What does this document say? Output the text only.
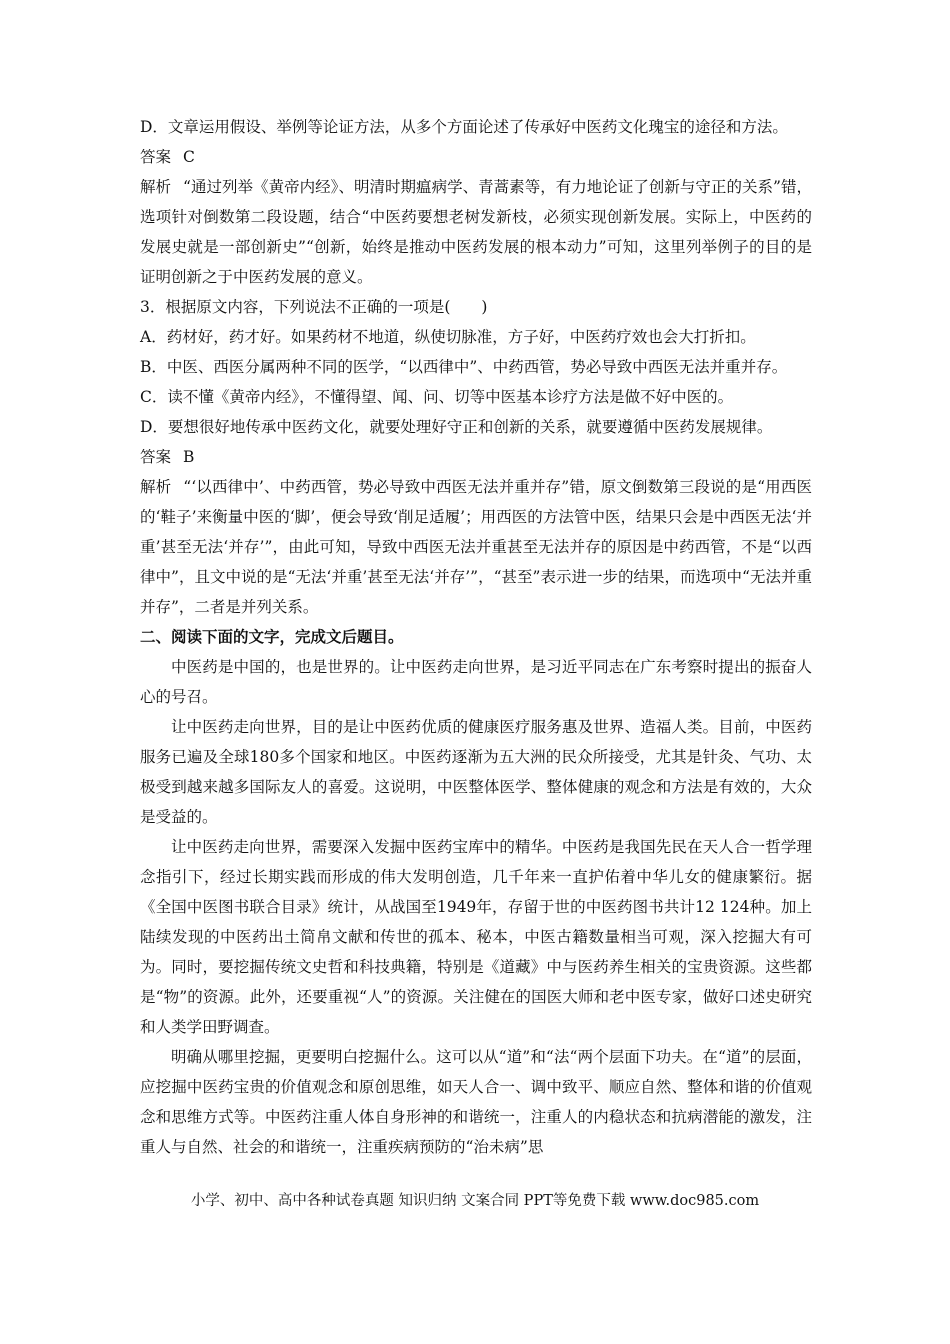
D．文章运用假设、举例等论证方法，从多个方面论述了传承好中医药文化瑰宝的途径和方法。

答案 C

解析 “通过列举《黄帝内经》、明清时期瘟病学、青蒿素等，有力地论证了创新与守正的关系”错，选项针对倒数第二段设题，结合“中医药要想老树发新枝，必须实现创新发展。实际上，中医药的发展史就是一部创新史”“创新，始终是推动中医药发展的根本动力”可知，这里列举例子的目的是证明创新之于中医药发展的意义。

3．根据原文内容，下列说法不正确的一项是(　　)

A．药材好，药才好。如果药材不地道，纵使切脉准，方子好，中医药疗效也会大打折扣。

B．中医、西医分属两种不同的医学，“以西律中”、中药西管，势必导致中西医无法并重并存。

C．读不懂《黄帝内经》，不懂得望、闻、问、切等中医基本诊疗方法是做不好中医的。

D．要想很好地传承中医药文化，就要处理好守正和创新的关系，就要遵循中医药发展规律。

答案 B

解析 “‘以西律中’、中药西管，势必导致中西医无法并重并存”错，原文倒数第三段说的是“用西医的‘鞋子’来衡量中医的‘脚’，便会导致‘削足适履’；用西医的方法管中医，结果只会是中西医无法‘并重’甚至无法‘并存’”，由此可知，导致中西医无法并重甚至无法并存的原因是中药西管，不是“以西律中”，且文中说的是“无法‘并重’甚至无法‘并存’”，“甚至”表示进一步的结果，而选项中“无法并重并存”，二者是并列关系。

二、阅读下面的文字，完成文后题目。

中医药是中国的，也是世界的。让中医药走向世界，是习近平同志在广东考察时提出的振奋人心的号召。

让中医药走向世界，目的是让中医药优质的健康医疗服务惠及世界、造福人类。目前，中医药服务已遍及全球180多个国家和地区。中医药逐渐为五大洲的民众所接受，尤其是针灸、气功、太极受到越来越多国际友人的喜爱。这说明，中医整体医学、整体健康的观念和方法是有效的，大众是受益的。

让中医药走向世界，需要深入发掘中医药宝库中的精华。中医药是我国先民在天人合一哲学理念指引下，经过长期实践而形成的伟大发明创造，几千年来一直护佑着中华儿女的健康繁衍。据《全国中医图书联合目录》统计，从战国至1949年，存留于世的中医药图书共计12 124种。加上陆续发现的中医药出土简帛文献和传世的孤本、秘本，中医古籍数量相当可观，深入挖掘大有可为。同时，要挖掘传统文史哲和科技典籍，特别是《道藏》中与医药养生相关的宝贵资源。这些都是“物”的资源。此外，还要重视“人”的资源。关注健在的国医大师和老中医专家，做好口述史研究和人类学田野调查。

明确从哪里挖掘，更要明白挖掘什么。这可以从“道”和“法“两个层面下功夫。在“道”的层面，应挖掘中医药宝贵的价值观念和原创思维，如天人合一、调中致平、顺应自然、整体和谐的价值观念和思维方式等。中医药注重人体自身形神的和谐统一，注重人的内稳状态和抗病潜能的激发，注重人与自然、社会的和谐统一，注重疾病预防的“治未病”思

小学、初中、高中各种试卷真题 知识归纳 文案合同 PPT等免费下载 www.doc985.com
